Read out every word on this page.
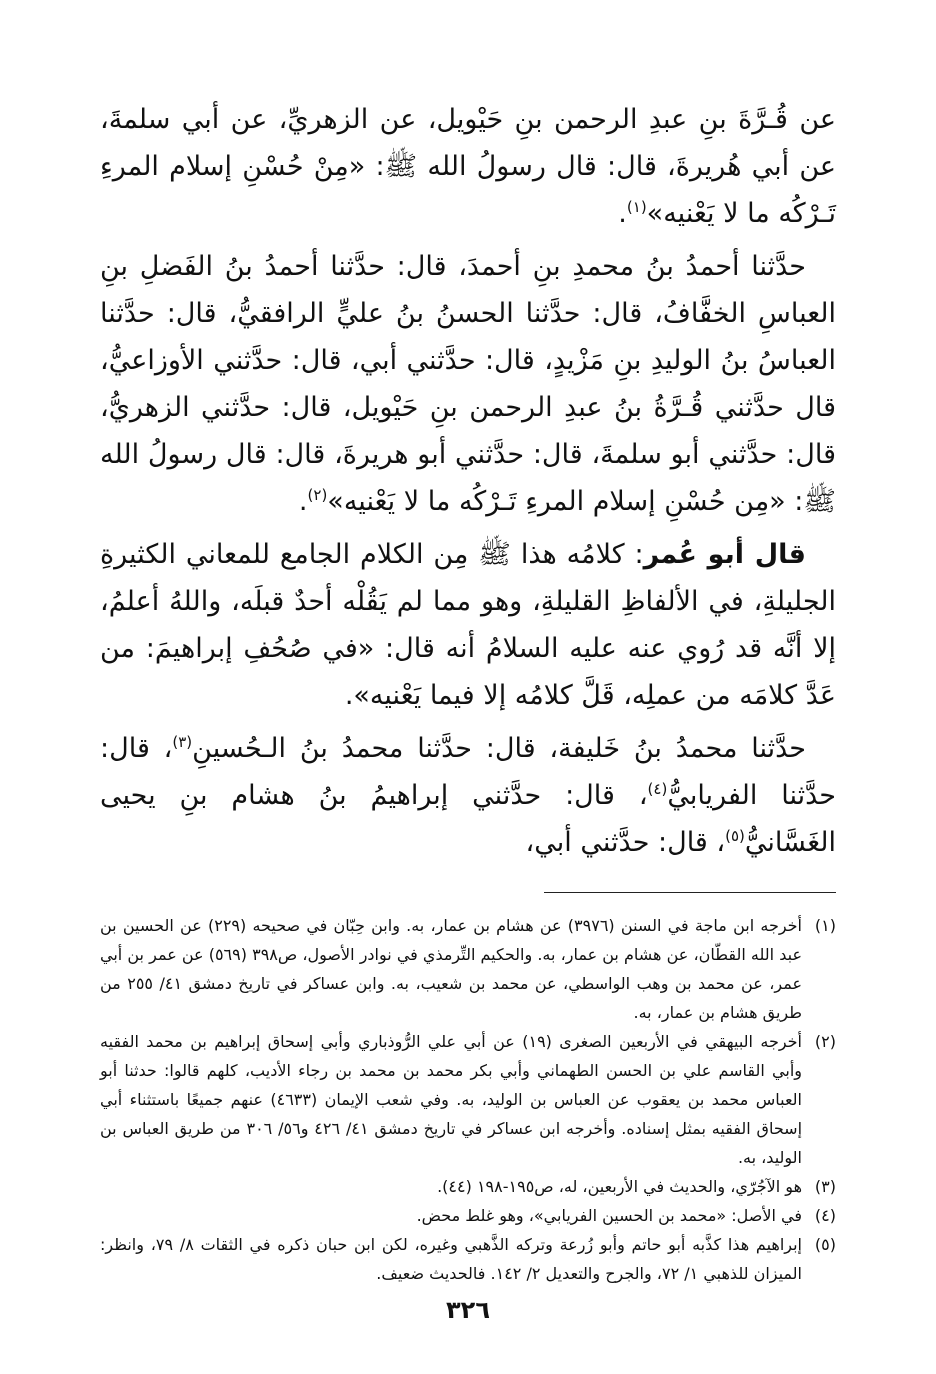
عن قُـرَّةَ بنِ عبدِ الرحمن بنِ حَيْويل، عن الزهريِّ، عن أبي سلمةَ، عن أبي هُريرةَ، قال: قال رسولُ الله ﷺ: «مِنْ حُسْنِ إسلام المرءِ تَـرْكُه ما لا يَعْنيه»$^{(١)}$.

حدَّثنا أحمدُ بنُ محمدِ بنِ أحمدَ، قال: حدَّثنا أحمدُ بنُ الفَضلِ بنِ العباسِ الخفَّافُ، قال: حدَّثنا الحسنُ بنُ عليٍّ الرافقيُّ، قال: حدَّثنا العباسُ بنُ الوليدِ بنِ مَزْيدٍ، قال: حدَّثني أبي، قال: حدَّثني الأوزاعيُّ، قال حدَّثني قُـرَّةُ بنُ عبدِ الرحمن بنِ حَيْويل، قال: حدَّثني الزهريُّ، قال: حدَّثني أبو سلمةَ، قال: حدَّثني أبو هريرةَ، قال: قال رسولُ الله ﷺ: «مِن حُسْنِ إسلام المرءِ تَـرْكُه ما لا يَعْنيه»$^{(٢)}$.

قال أبو عُمر: كلامُه هذا ﷺ مِن الكلام الجامع للمعاني الكثيرةِ الجليلةِ، في الألفاظِ القليلةِ، وهو مما لم يَقُلْه أحدٌ قبلَه، واللهُ أعلمُ، إلا أنَّه قد رُوي عنه عليه السلامُ أنه قال: «في صُحُفِ إبراهيمَ: من عَدَّ كلامَه من عملِه، قَلَّ كلامُه إلا فيما يَعْنيه».

حدَّثنا محمدُ بنُ خَليفة، قال: حدَّثنا محمدُ بنُ الـحُسينِ$^{(٣)}$، قال: حدَّثنا الفريابيُّ$^{(٤)}$، قال: حدَّثني إبراهيمُ بنُ هشام بنِ يحيى الغَسَّانيُّ$^{(٥)}$، قال: حدَّثني أبي،

(١)
أخرجه ابن ماجة في السنن (٣٩٧٦) عن هشام بن عمار، به. وابن حِبّان في صحيحه (٢٢٩) عن الحسين بن عبد الله القطّان، عن هشام بن عمار، به. والحكيم التِّرمذي في نوادر الأصول، ص٣٩٨ (٥٦٩) عن عمر بن أبي عمر، عن محمد بن وهب الواسطي، عن محمد بن شعيب، به. وابن عساكر في تاريخ دمشق ٤١/ ٢٥٥ من طريق هشام بن عمار، به.
(٢)
أخرجه البيهقي في الأربعين الصغرى (١٩) عن أبي علي الرُّوذباري وأبي إسحاق إبراهيم بن محمد الفقيه وأبي القاسم علي بن الحسن الطهماني وأبي بكر محمد بن محمد بن رجاء الأديب، كلهم قالوا: حدثنا أبو العباس محمد بن يعقوب عن العباس بن الوليد، به. وفي شعب الإيمان (٤٦٣٣) عنهم جميعًا باستثناء أبي إسحاق الفقيه بمثل إسناده. وأخرجه ابن عساكر في تاريخ دمشق ٤١/ ٤٢٦ و٥٦/ ٣٠٦ من طريق العباس بن الوليد، به.
(٣)
هو الآجُرّي، والحديث في الأربعين، له، ص١٩٥-١٩٨ (٤٤).
(٤)
في الأصل: «محمد بن الحسين الفريابي»، وهو غلط محض.
(٥)
إبراهيم هذا كذَّبه أبو حاتم وأبو زُرعة وتركه الذَّهبي وغيره، لكن ابن حبان ذكره في الثقات ٨/ ٧٩، وانظر: الميزان للذهبي ١/ ٧٢، والجرح والتعديل ٢/ ١٤٢. فالحديث ضعيف.
٣٢٦
